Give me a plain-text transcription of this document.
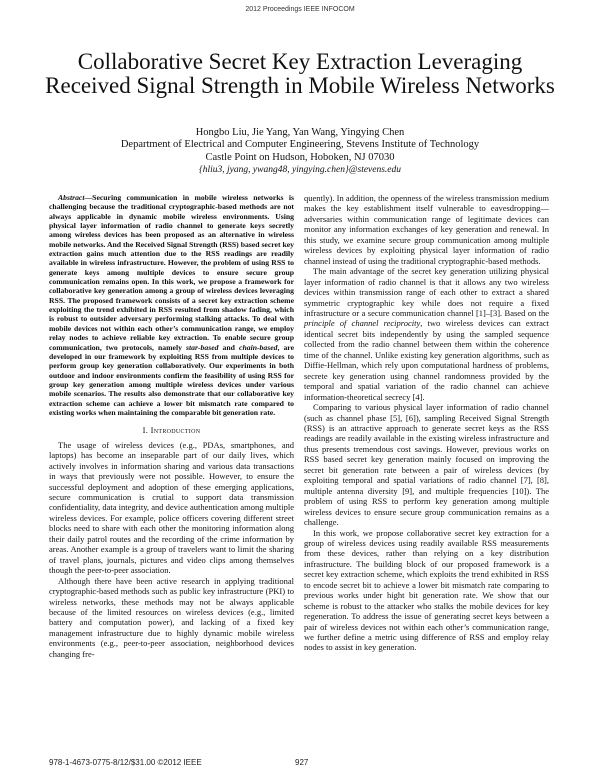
2012 Proceedings IEEE INFOCOM
Collaborative Secret Key Extraction Leveraging Received Signal Strength in Mobile Wireless Networks
Hongbo Liu, Jie Yang, Yan Wang, Yingying Chen
Department of Electrical and Computer Engineering, Stevens Institute of Technology
Castle Point on Hudson, Hoboken, NJ 07030
{hliu3, jyang, ywang48, yingying.chen}@stevens.edu

Abstract—Securing communication in mobile wireless networks is challenging because the traditional cryptographic-based methods are not always applicable in dynamic mobile wireless environments. Using physical layer information of radio channel to generate keys secretly among wireless devices has been proposed as an alternative in wireless mobile networks. And the Received Signal Strength (RSS) based secret key extraction gains much attention due to the RSS readings are readily available in wireless infrastructure. However, the problem of using RSS to generate keys among multiple devices to ensure secure group communication remains open. In this work, we propose a framework for collaborative key generation among a group of wireless devices leveraging RSS. The proposed framework consists of a secret key extraction scheme exploiting the trend exhibited in RSS resulted from shadow fading, which is robust to outsider adversary performing stalking attacks. To deal with mobile devices not within each other’s communication range, we employ relay nodes to achieve reliable key extraction. To enable secure group communication, two protocols, namely star-based and chain-based, are developed in our framework by exploiting RSS from multiple devices to perform group key generation collaboratively. Our experiments in both outdoor and indoor environments confirm the feasibility of using RSS for group key generation among multiple wireless devices under various mobile scenarios. The results also demonstrate that our collaborative key extraction scheme can achieve a lower bit mismatch rate compared to existing works when maintaining the comparable bit generation rate.

I. Introduction

The usage of wireless devices (e.g., PDAs, smartphones, and laptops) has become an inseparable part of our daily lives, which actively involves in information sharing and various data transactions in ways that previously were not possible. However, to ensure the successful deployment and adoption of these emerging applications, secure communication is crutial to support data transmission confidentiality, data integrity, and device authentication among multiple wireless devices. For example, police officers covering different street blocks need to share with each other the monitoring information along their daily patrol routes and the recording of the crime information by areas. Another example is a group of travelers want to limit the sharing of travel plans, journals, pictures and video clips among themselves though the peer-to-peer association.

Although there have been active research in applying traditional cryptographic-based methods such as public key infrastructure (PKI) to wireless networks, these methods may not be always applicable because of the limited resources on wireless devices (e.g., limited battery and computation power), and lacking of a fixed key management infrastructure due to highly dynamic mobile wireless environments (e.g., peer-to-peer association, neighborhood devices changing fre-

quently). In addition, the openness of the wireless transmission medium makes the key establishment itself vulnerable to eavesdropping—adversaries within communication range of legitimate devices can monitor any information exchanges of key generation and renewal. In this study, we examine secure group communication among multiple wireless devices by exploiting physical layer information of radio channel instead of using the traditional cryptographic-based methods.

The main advantage of the secret key generation utilizing physical layer information of radio channel is that it allows any two wireless devices within transmission range of each other to extract a shared symmetric cryptographic key while does not require a fixed infrastructure or a secure communication channel [1]–[3]. Based on the principle of channel reciprocity, two wireless devices can extract identical secret bits independently by using the sampled sequence collected from the radio channel between them within the coherence time of the channel. Unlike existing key generation algorithms, such as Diffie-Hellman, which rely upon computational hardness of problems, secrete key generation using channel randomness provided by the temporal and spatial variation of the radio channel can achieve information-theoretical secrecy [4].

Comparing to various physical layer information of radio channel (such as channel phase [5], [6]), sampling Received Signal Strength (RSS) is an attractive approach to generate secret keys as the RSS readings are readily available in the existing wireless infrastructure and thus presents tremendous cost savings. However, previous works on RSS based secret key generation mainly focused on improving the secret bit generation rate between a pair of wireless devices (by exploiting temporal and spatial variations of radio channel [7], [8], multiple antenna diversity [9], and multiple frequencies [10]). The problem of using RSS to perform key generation among multiple wireless devices to ensure secure group communication remains as a challenge.

In this work, we propose collaborative secret key extraction for a group of wireless devices using readily available RSS measurements from these devices, rather than relying on a key distribution infrastructure. The building block of our proposed framework is a secret key extraction scheme, which exploits the trend exhibited in RSS to encode secret bit to achieve a lower bit mismatch rate comparing to previous works under hight bit generation rate. We show that our scheme is robust to the attacker who stalks the mobile devices for key regeneration. To address the issue of generating secret keys between a pair of wireless devices not within each other’s communication range, we further define a metric using difference of RSS and employ relay nodes to assist in key generation.

978-1-4673-0775-8/12/$31.00 ©2012 IEEE	927
